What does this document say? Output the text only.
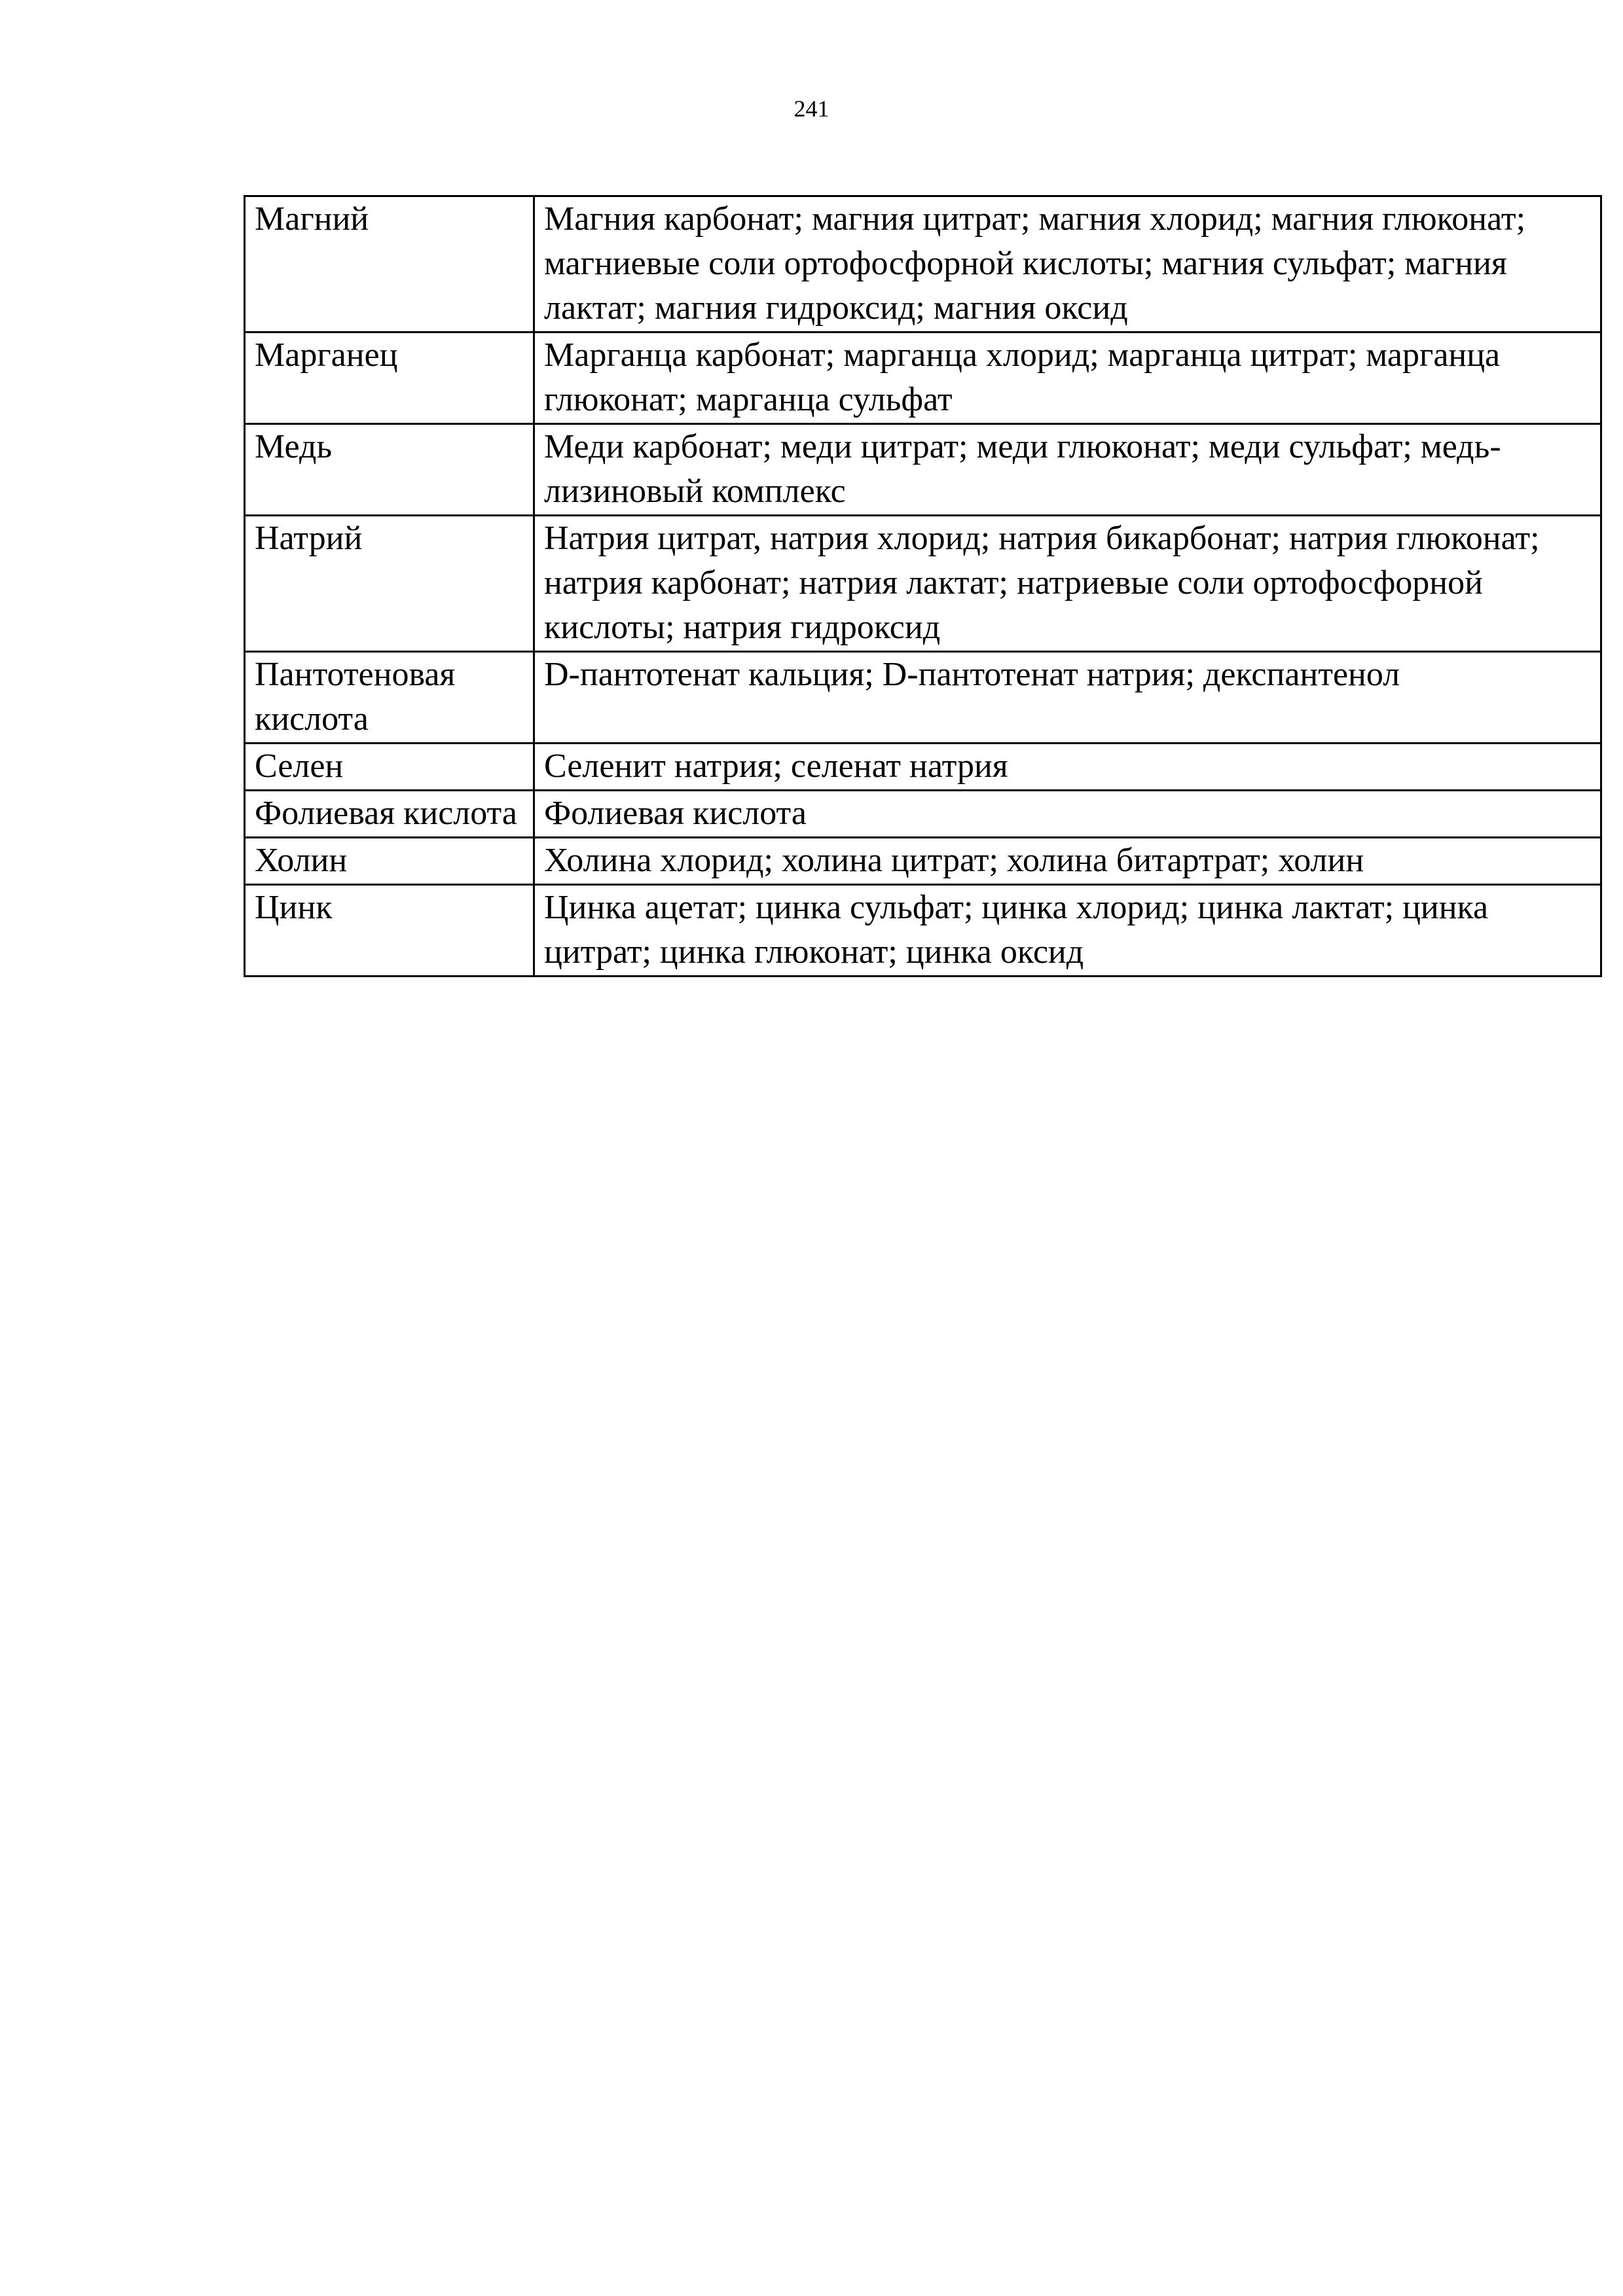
241
Магний	Магния карбонат; магния цитрат; магния хлорид; магния глюконат; магниевые соли ортофосфорной кислоты; магния сульфат; магния лактат; магния гидроксид; магния оксид
Марганец	Марганца карбонат; марганца хлорид; марганца цитрат; марганца глюконат; марганца сульфат
Медь	Меди карбонат; меди цитрат; меди глюконат; меди сульфат; медь-лизиновый комплекс
Натрий	Натрия цитрат, натрия хлорид; натрия бикарбонат; натрия глюконат; натрия карбонат; натрия лактат; натриевые соли ортофосфорной кислоты; натрия гидроксид
Пантотеновая кислота	D-пантотенат кальция; D-пантотенат натрия; декспантенол
Селен	Селенит натрия; селенат натрия
Фолиевая кислота	Фолиевая кислота
Холин	Холина хлорид; холина цитрат; холина битартрат; холин
Цинк	Цинка ацетат; цинка сульфат; цинка хлорид; цинка лактат; цинка цитрат; цинка глюконат; цинка оксид
